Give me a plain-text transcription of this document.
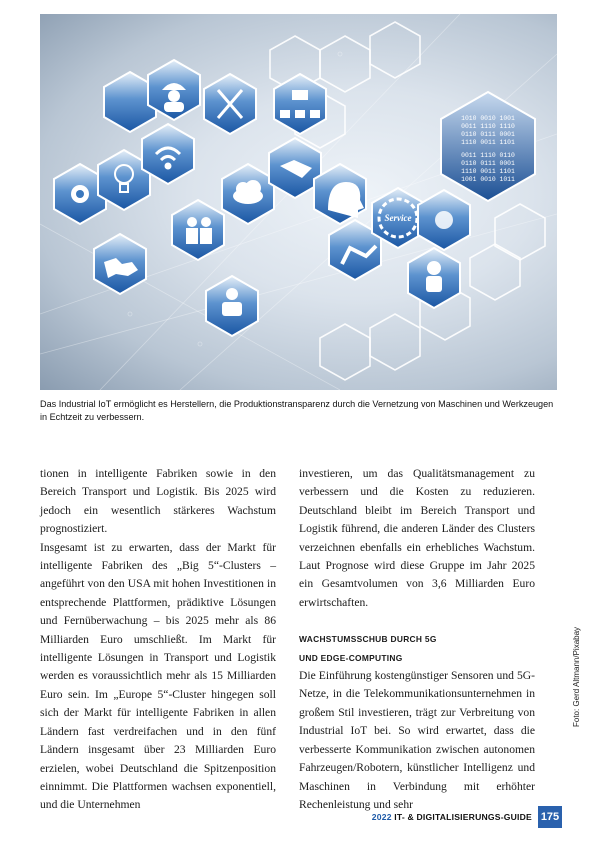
1010 0010 1001
0011 1110 1110
0110 0111 0001
1110 0011 1101
0011 1110 0110
0110 0111 0001
1110 0011 1101
1001 0010 1011
Service
Das Industrial IoT ermöglicht es Herstellern, die Produktionstransparenz durch die Vernetzung von Maschinen und Werkzeugen in Echtzeit zu verbessern.

tionen in intelligente Fabriken sowie in den Bereich Transport und Logistik. Bis 2025 wird jedoch ein wesentlich stärkeres Wachstum prognostiziert.

Insgesamt ist zu erwarten, dass der Markt für intelligente Fabriken des „Big 5“-Clusters – angeführt von den USA mit hohen Investitionen in entsprechende Plattformen, prädiktive Lösungen und Fernüberwachung – bis 2025 mehr als 86 Milliarden Euro umschließt. Im Markt für intelligente Lösungen in Transport und Logistik werden es voraussichtlich mehr als 15 Milliarden Euro sein. Im „Europe 5“-Cluster hingegen soll sich der Markt für intelligente Fabriken in allen Ländern fast verdreifachen und in den fünf Ländern insgesamt über 23 Milliarden Euro erzielen, wobei Deutschland die Spitzenposition einnimmt. Die Plattformen wachsen exponentiell, und die Unternehmen

investieren, um das Qualitätsmanagement zu verbessern und die Kosten zu reduzieren. Deutschland bleibt im Bereich Transport und Logistik führend, die anderen Länder des Clusters verzeichnen ebenfalls ein erhebliches Wachstum. Laut Prognose wird diese Gruppe im Jahr 2025 ein Gesamtvolumen von 3,6 Milliarden Euro erwirtschaften.

WACHSTUMSSCHUB DURCH 5G
UND EDGE-COMPUTING

Die Einführung kostengünstiger Sensoren und 5G-Netze, in die Telekommunikationsunternehmen in großem Stil investieren, trägt zur Verbreitung von Industrial IoT bei. So wird erwartet, dass die verbesserte Kommunikation zwischen autonomen Fahrzeugen/Robotern, künstlicher Intelligenz und Maschinen in Verbindung mit erhöhter Rechenleistung und sehr

Foto: Gerd Altmann/Pixabay
2022 IT- & DIGITALISIERUNGS-GUIDE 175
